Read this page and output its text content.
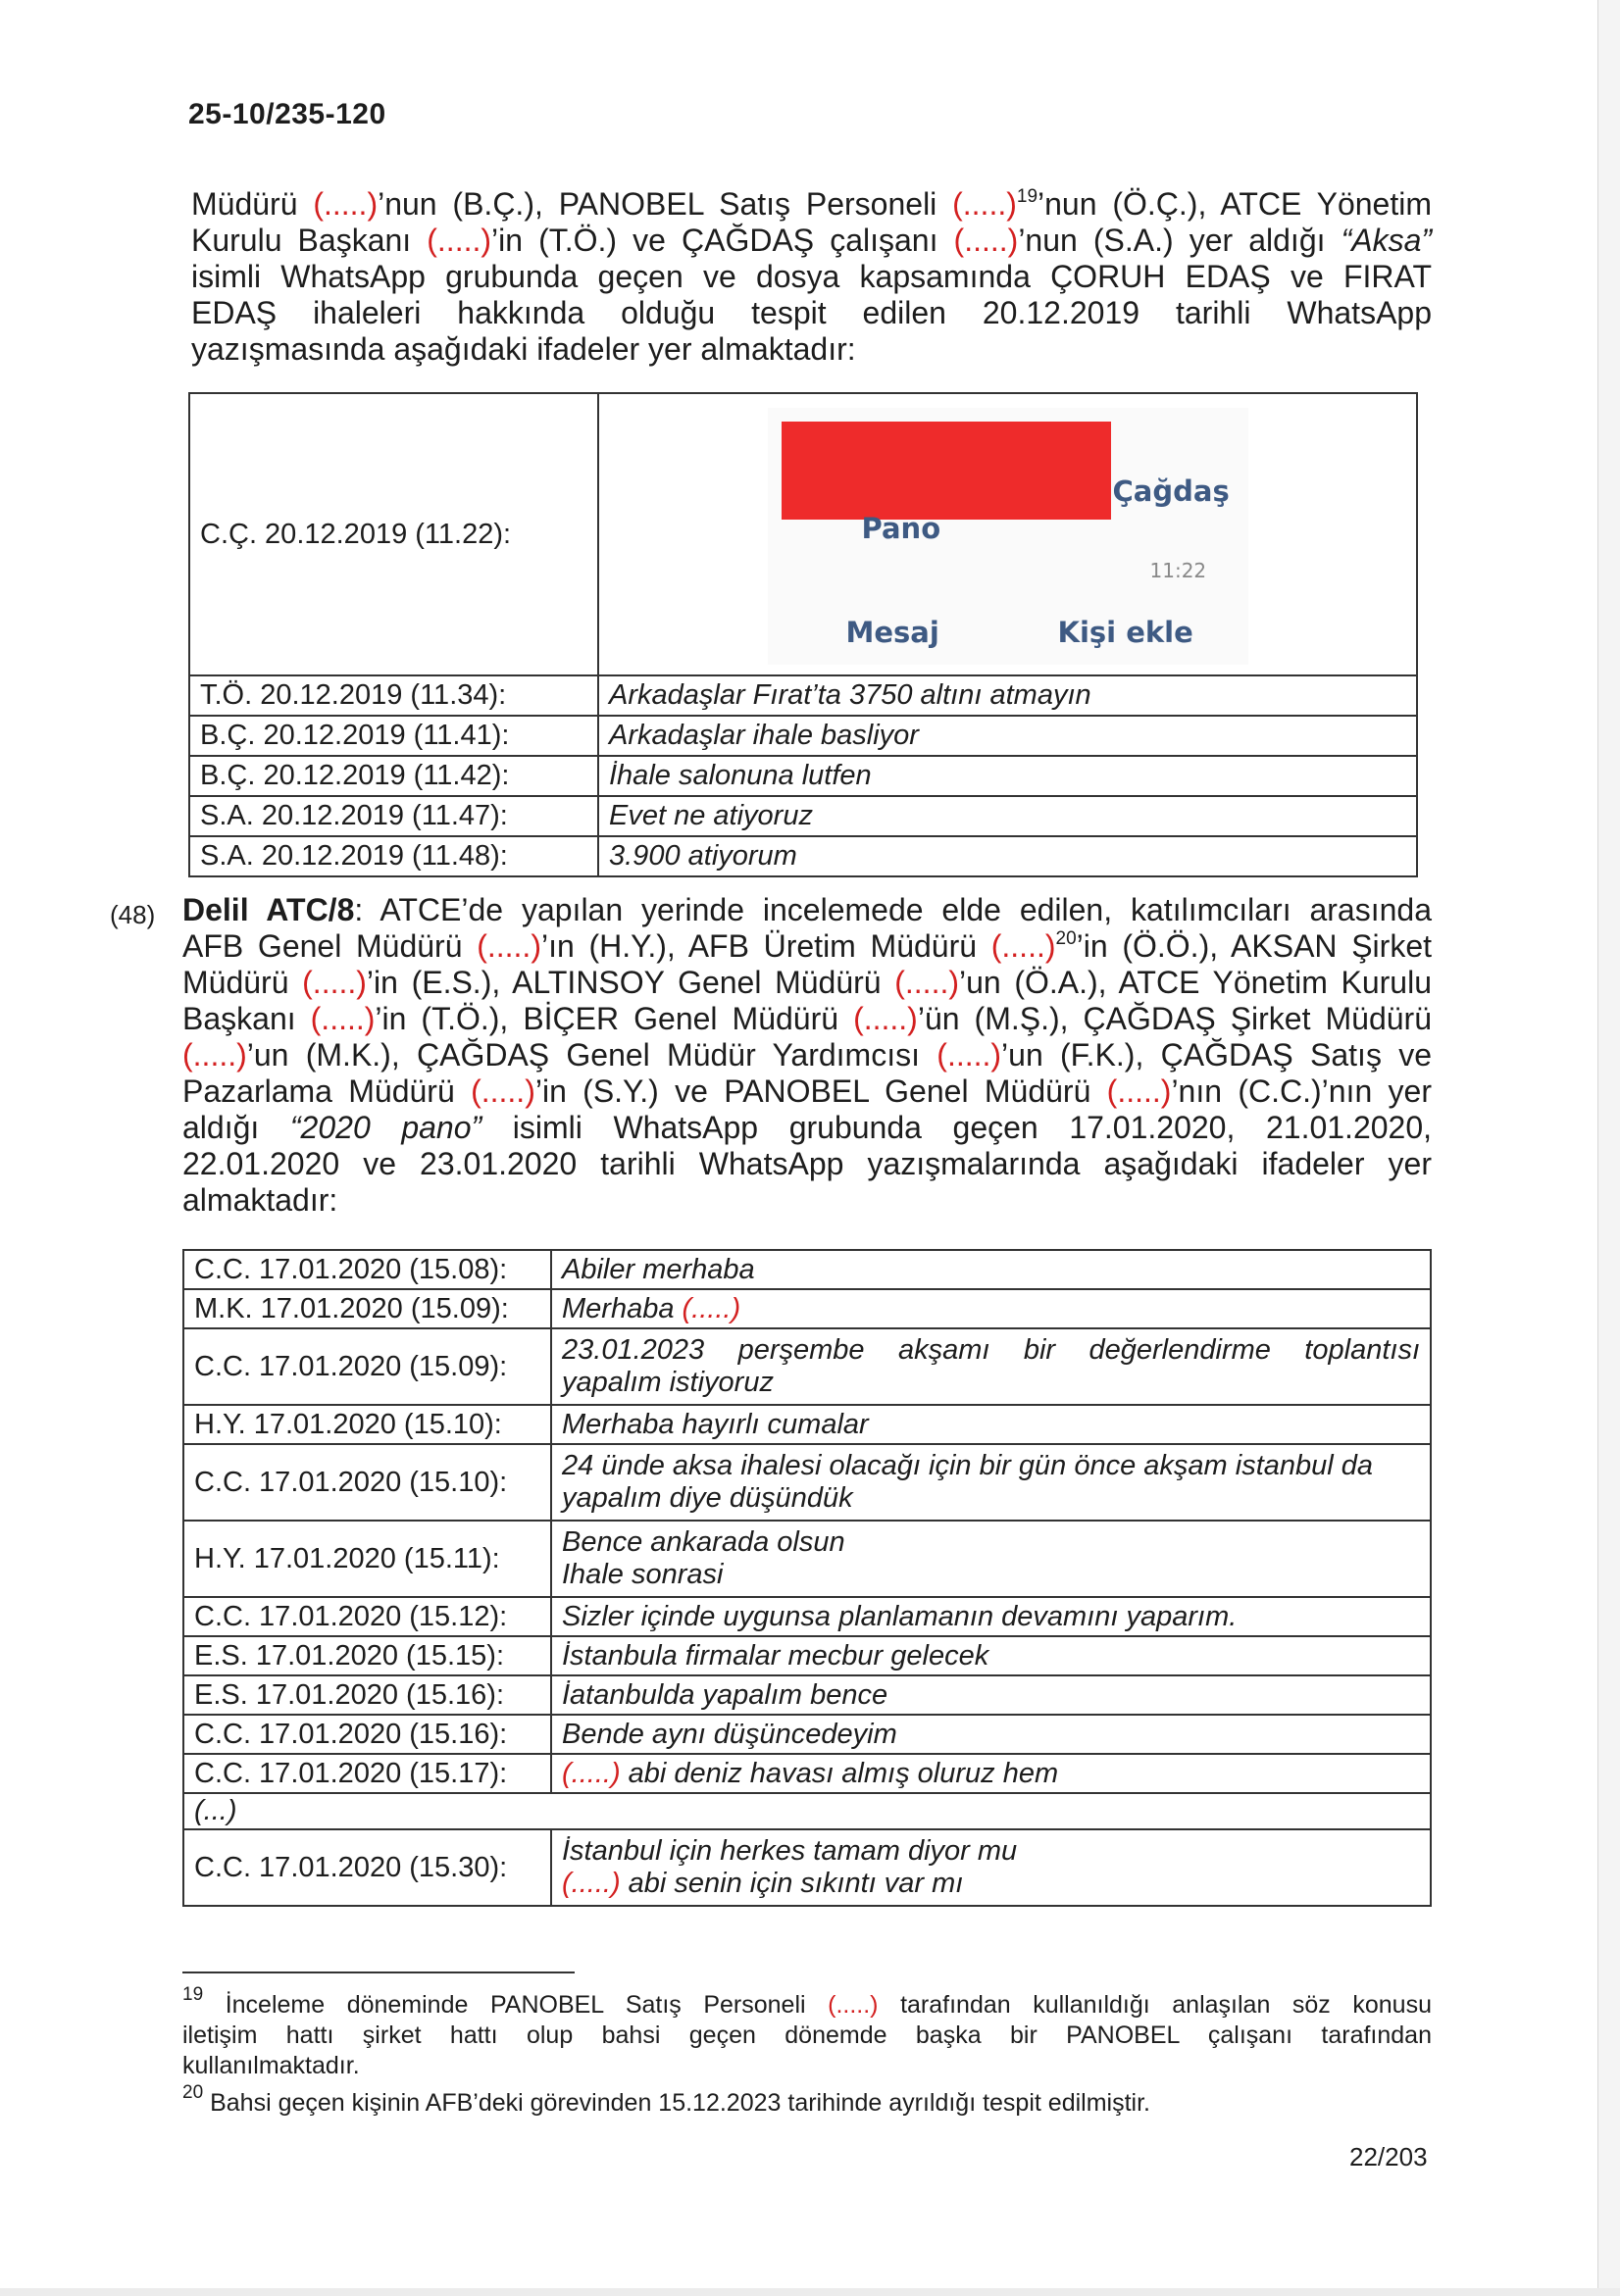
25-10/235-120
Müdürü (.....)’nun (B.Ç.), PANOBEL Satış Personeli (.....)$^{19}$’nun (Ö.Ç.), ATCE Yönetim
Kurulu Başkanı (.....)’in (T.Ö.) ve ÇAĞDAŞ çalışanı (.....)’nun (S.A.) yer aldığı “Aksa”
isimli WhatsApp grubunda geçen ve dosya kapsamında ÇORUH EDAŞ ve FIRAT
EDAŞ ihaleleri hakkında olduğu tespit edilen 20.12.2019 tarihli WhatsApp
yazışmasında aşağıdaki ifadeler yer almaktadır:
C.Ç. 20.12.2019 (11.22):	Çağdaş
Pano
11:22
Mesaj Kişi ekle

T.Ö. 20.12.2019 (11.34):	Arkadaşlar Fırat’ta 3750 altını atmayın
B.Ç. 20.12.2019 (11.41):	Arkadaşlar ihale basliyor
B.Ç. 20.12.2019 (11.42):	İhale salonuna lutfen
S.A. 20.12.2019 (11.47):	Evet ne atiyoruz
S.A. 20.12.2019 (11.48):	3.900 atiyorum
(48) Delil ATC/8: ATCE’de yapılan yerinde incelemede elde edilen, katılımcıları arasında
AFB Genel Müdürü (.....)’ın (H.Y.), AFB Üretim Müdürü (.....)$^{20}$’in (Ö.Ö.), AKSAN Şirket
Müdürü (.....)’in (E.S.), ALTINSOY Genel Müdürü (.....)’un (Ö.A.), ATCE Yönetim Kurulu
Başkanı (.....)’in (T.Ö.), BİÇER Genel Müdürü (.....)’ün (M.Ş.), ÇAĞDAŞ Şirket Müdürü
(.....)’un (M.K.), ÇAĞDAŞ Genel Müdür Yardımcısı (.....)’un (F.K.), ÇAĞDAŞ Satış ve
Pazarlama Müdürü (.....)’in (S.Y.) ve PANOBEL Genel Müdürü (.....)’nın (C.C.)’nın yer
aldığı “2020 pano” isimli WhatsApp grubunda geçen 17.01.2020, 21.01.2020,
22.01.2020 ve 23.01.2020 tarihli WhatsApp yazışmalarında aşağıdaki ifadeler yer
almaktadır:
C.C. 17.01.2020 (15.08):	Abiler merhaba

M.K. 17.01.2020 (15.09):	Merhaba (.....)

C.C. 17.01.2020 (15.09):	23.01.2023 perşembe akşamı bir değerlendirme toplantısı
yapalım istiyoruz

H.Y. 17.01.2020 (15.10):	Merhaba hayırlı cumalar

C.C. 17.01.2020 (15.10):	24 ünde aksa ihalesi olacağı için bir gün önce akşam istanbul da
yapalım diye düşündük

H.Y. 17.01.2020 (15.11):	Bence ankarada olsun
Ihale sonrasi

C.C. 17.01.2020 (15.12):	Sizler içinde uygunsa planlamanın devamını yaparım.

E.S. 17.01.2020 (15.15):	İstanbula firmalar mecbur gelecek

E.S. 17.01.2020 (15.16):	İatanbulda yapalım bence

C.C. 17.01.2020 (15.16):	Bende aynı düşüncedeyim

C.C. 17.01.2020 (15.17):	(.....) abi deniz havası almış oluruz hem

(...)	
C.C. 17.01.2020 (15.30):	İstanbul için herkes tamam diyor mu
(.....) abi senin için sıkıntı var mı
$^{19}$ İnceleme döneminde PANOBEL Satış Personeli (.....) tarafından kullanıldığı anlaşılan söz konusu
iletişim hattı şirket hattı olup bahsi geçen dönemde başka bir PANOBEL çalışanı tarafından
kullanılmaktadır.
$^{20}$ Bahsi geçen kişinin AFB’deki görevinden 15.12.2023 tarihinde ayrıldığı tespit edilmiştir.
22/203
